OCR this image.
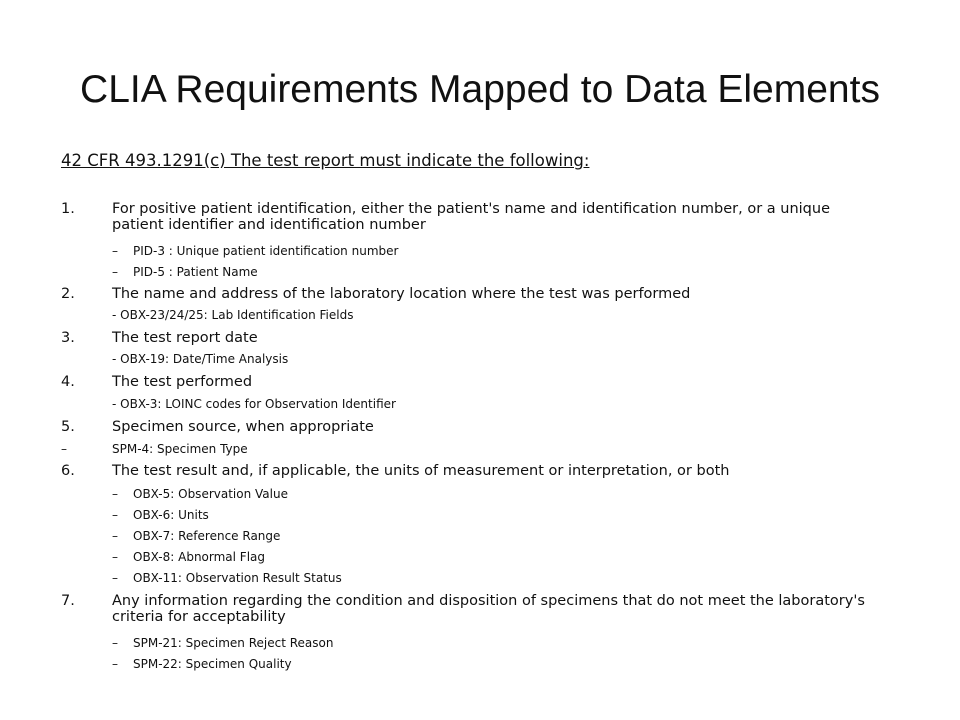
CLIA Requirements Mapped to Data Elements
42 CFR 493.1291(c) The test report must indicate the following:
1.	For positive patient identification, either the patient's name and identification number, or a unique patient identifier and identification number
– PID-3 : Unique patient identification number
– PID-5 : Patient Name
2.	The name and address of the laboratory location where the test was performed
- OBX-23/24/25: Lab Identification Fields
3.	The test report date
- OBX-19: Date/Time Analysis
4.	The test performed
- OBX-3: LOINC codes for Observation Identifier
5.	Specimen source, when appropriate
–	SPM-4: Specimen Type
6.	The test result and, if applicable, the units of measurement or interpretation, or both
– OBX-5: Observation Value
– OBX-6: Units
– OBX-7: Reference Range
– OBX-8: Abnormal Flag
– OBX-11: Observation Result Status
7.	Any information regarding the condition and disposition of specimens that do not meet the laboratory's criteria for acceptability
– SPM-21: Specimen Reject Reason
– SPM-22: Specimen Quality
